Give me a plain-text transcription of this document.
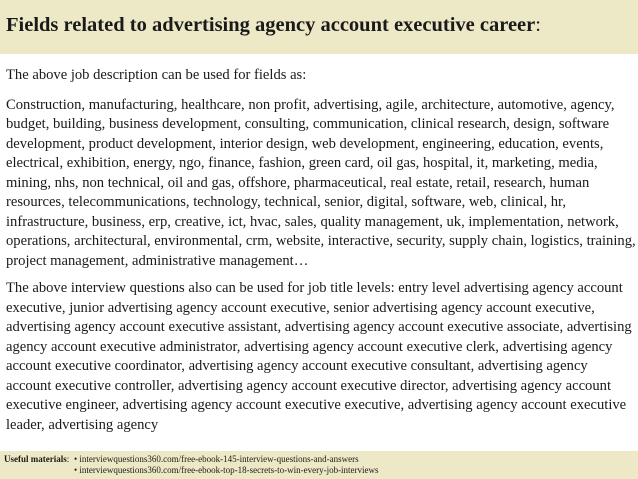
Fields related to advertising agency account executive career:

The above job description can be used for fields as:

Construction, manufacturing, healthcare, non profit, advertising, agile, architecture, automotive, agency, budget, building, business development, consulting, communication, clinical research, design, software development, product development, interior design, web development, engineering, education, events, electrical, exhibition, energy, ngo, finance, fashion, green card, oil gas, hospital, it, marketing, media, mining, nhs, non technical, oil and gas, offshore, pharmaceutical, real estate, retail, research, human resources, telecommunications, technology, technical, senior, digital, software, web, clinical, hr, infrastructure, business, erp, creative, ict, hvac, sales, quality management, uk, implementation, network, operations, architectural, environmental, crm, website, interactive, security, supply chain, logistics, training, project management, administrative management…

The above interview questions also can be used for job title levels: entry level advertising agency account executive, junior advertising agency account executive, senior advertising agency account executive, advertising agency account executive assistant, advertising agency account executive associate, advertising agency account executive administrator, advertising agency account executive clerk, advertising agency account executive coordinator, advertising agency account executive consultant, advertising agency account executive controller, advertising agency account executive director, advertising agency account executive engineer, advertising agency account executive executive, advertising agency account executive leader, advertising agency

Useful materials: • interviewquestions360.com/free-ebook-145-interview-questions-and-answers
• interviewquestions360.com/free-ebook-top-18-secrets-to-win-every-job-interviews
